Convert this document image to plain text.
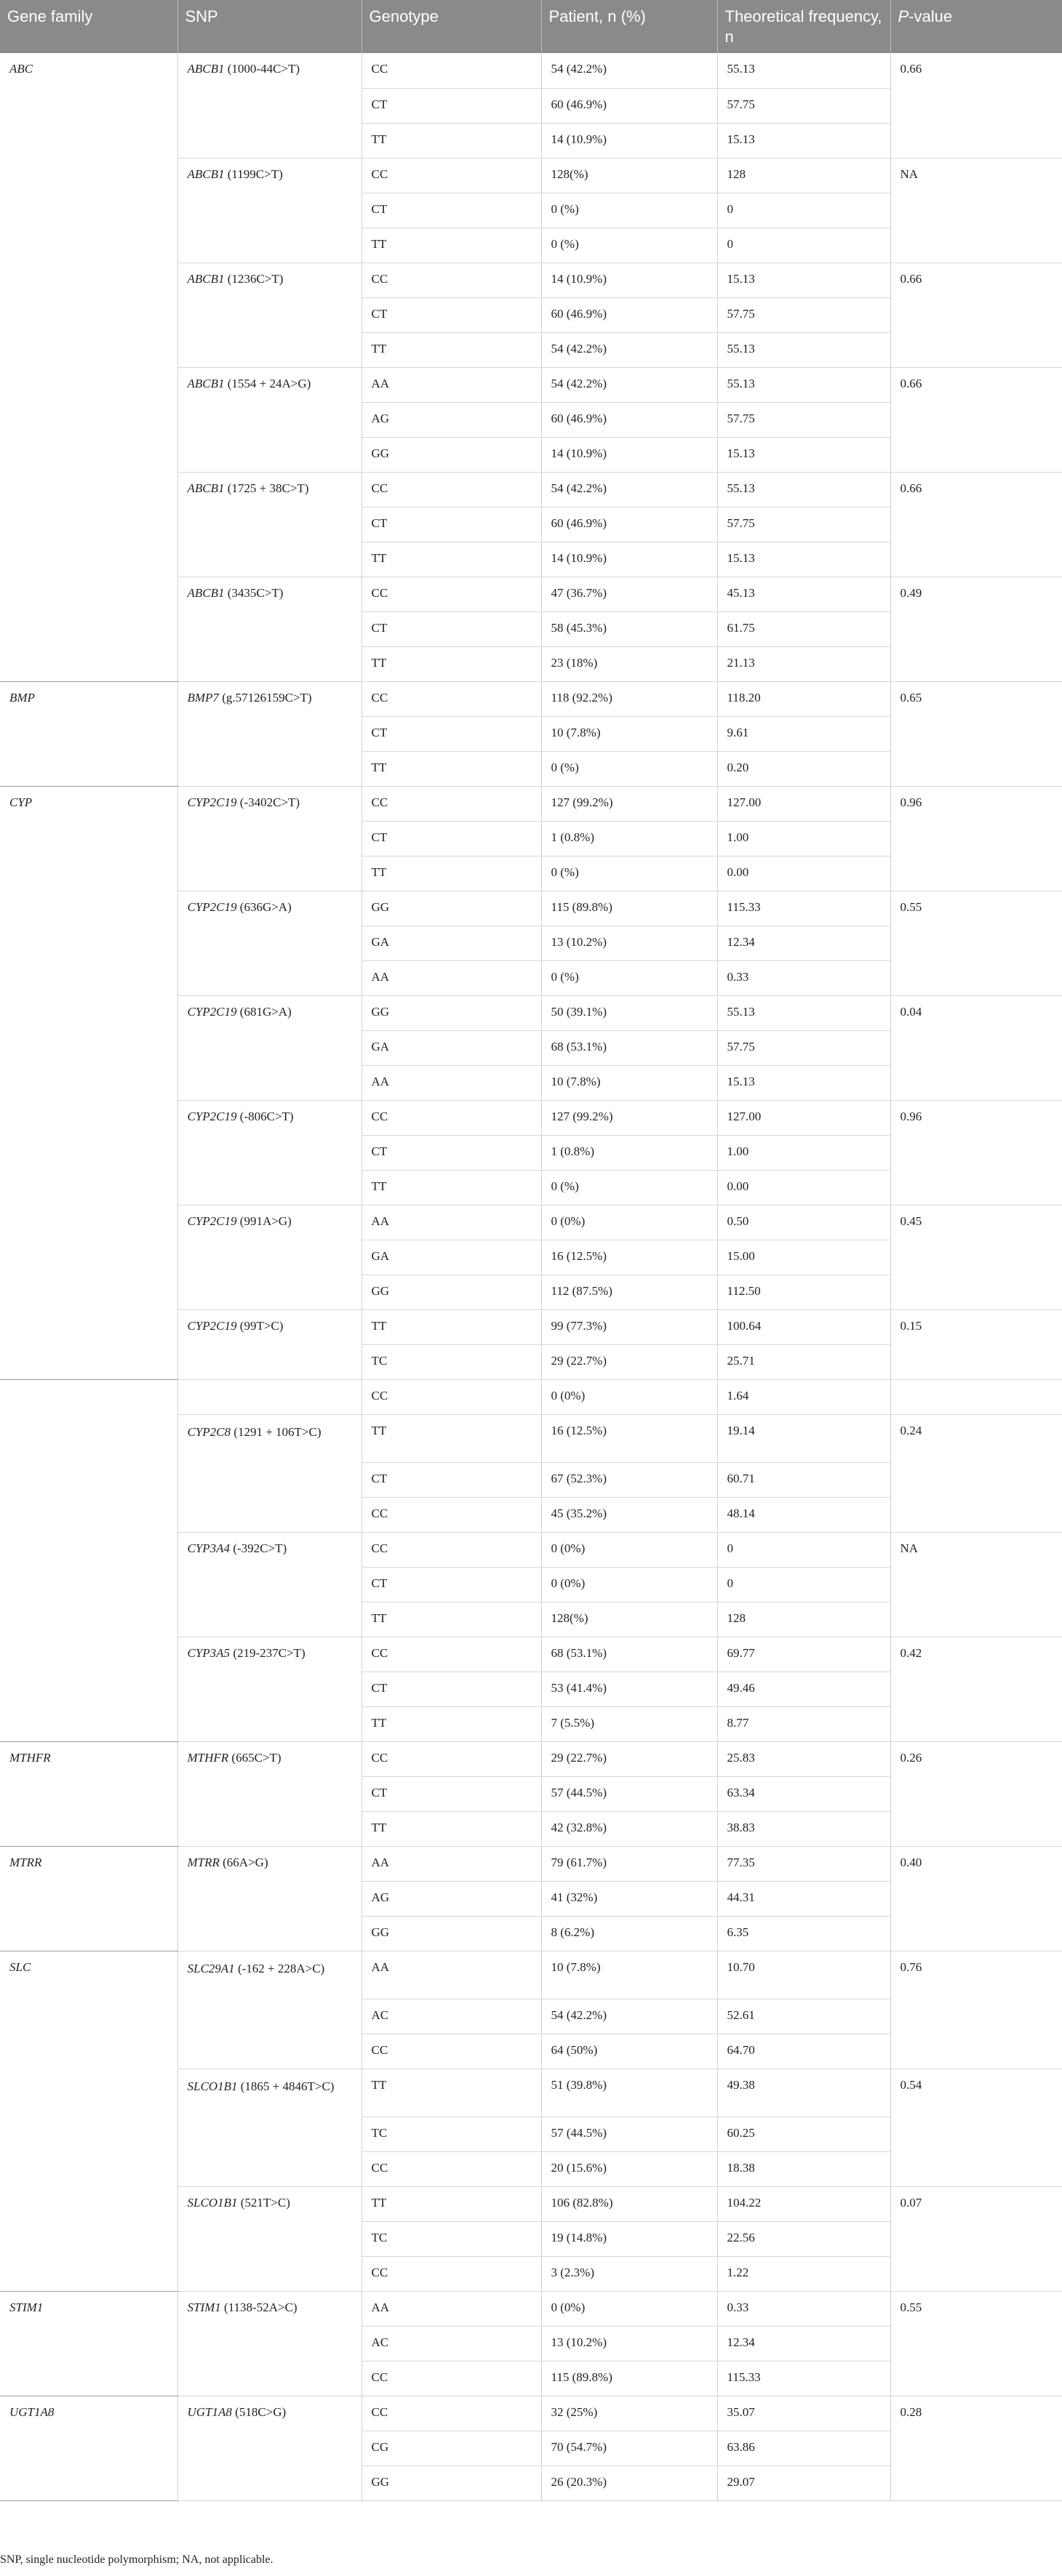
Gene family	SNP	Genotype	Patient, n (%)	Theoretical frequency, n	P-value
ABC	ABCB1 (1000-44C>T)	CC	54 (42.2%)	55.13	0.66
		CT	60 (46.9%)	57.75	
		TT	14 (10.9%)	15.13	
	ABCB1 (1199C>T)	CC	128(%)	128	NA
		CT	0 (%)	0	
		TT	0 (%)	0	
	ABCB1 (1236C>T)	CC	14 (10.9%)	15.13	0.66
		CT	60 (46.9%)	57.75	
		TT	54 (42.2%)	55.13	
	ABCB1 (1554 + 24A>G)	AA	54 (42.2%)	55.13	0.66
		AG	60 (46.9%)	57.75	
		GG	14 (10.9%)	15.13	
	ABCB1 (1725 + 38C>T)	CC	54 (42.2%)	55.13	0.66
		CT	60 (46.9%)	57.75	
		TT	14 (10.9%)	15.13	
	ABCB1 (3435C>T)	CC	47 (36.7%)	45.13	0.49
		CT	58 (45.3%)	61.75	
		TT	23 (18%)	21.13	
BMP	BMP7 (g.57126159C>T)	CC	118 (92.2%)	118.20	0.65
		CT	10 (7.8%)	9.61	
		TT	0 (%)	0.20	
CYP	CYP2C19 (-3402C>T)	CC	127 (99.2%)	127.00	0.96
		CT	1 (0.8%)	1.00	
		TT	0 (%)	0.00	
	CYP2C19 (636G>A)	GG	115 (89.8%)	115.33	0.55
		GA	13 (10.2%)	12.34	
		AA	0 (%)	0.33	
	CYP2C19 (681G>A)	GG	50 (39.1%)	55.13	0.04
		GA	68 (53.1%)	57.75	
		AA	10 (7.8%)	15.13	
	CYP2C19 (-806C>T)	CC	127 (99.2%)	127.00	0.96
		CT	1 (0.8%)	1.00	
		TT	0 (%)	0.00	
	CYP2C19 (991A>G)	AA	0 (0%)	0.50	0.45
		GA	16 (12.5%)	15.00	
		GG	112 (87.5%)	112.50	
	CYP2C19 (99T>C)	TT	99 (77.3%)	100.64	0.15
		TC	29 (22.7%)	25.71	
		CC	0 (0%)	1.64	
	CYP2C8 (1291 + 106T>C)	TT	16 (12.5%)	19.14	0.24
		CT	67 (52.3%)	60.71	
		CC	45 (35.2%)	48.14	
	CYP3A4 (-392C>T)	CC	0 (0%)	0	NA
		CT	0 (0%)	0	
		TT	128(%)	128	
	CYP3A5 (219-237C>T)	CC	68 (53.1%)	69.77	0.42
		CT	53 (41.4%)	49.46	
		TT	7 (5.5%)	8.77	
MTHFR	MTHFR (665C>T)	CC	29 (22.7%)	25.83	0.26
		CT	57 (44.5%)	63.34	
		TT	42 (32.8%)	38.83	
MTRR	MTRR (66A>G)	AA	79 (61.7%)	77.35	0.40
		AG	41 (32%)	44.31	
		GG	8 (6.2%)	6.35	
SLC	SLC29A1 (-162 + 228A>C)	AA	10 (7.8%)	10.70	0.76
		AC	54 (42.2%)	52.61	
		CC	64 (50%)	64.70	
	SLCO1B1 (1865 + 4846T>C)	TT	51 (39.8%)	49.38	0.54
		TC	57 (44.5%)	60.25	
		CC	20 (15.6%)	18.38	
	SLCO1B1 (521T>C)	TT	106 (82.8%)	104.22	0.07
		TC	19 (14.8%)	22.56	
		CC	3 (2.3%)	1.22	
STIM1	STIM1 (1138-52A>C)	AA	0 (0%)	0.33	0.55
		AC	13 (10.2%)	12.34	
		CC	115 (89.8%)	115.33	
UGT1A8	UGT1A8 (518C>G)	CC	32 (25%)	35.07	0.28
		CG	70 (54.7%)	63.86	
		GG	26 (20.3%)	29.07	
SNP, single nucleotide polymorphism; NA, not applicable.
